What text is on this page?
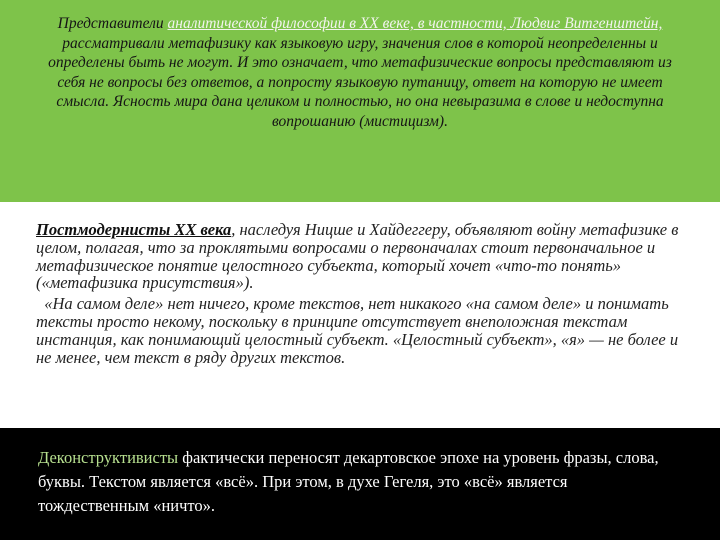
Представители аналитической философии в XX веке, в частности, Людвиг Витгенштейн, рассматривали метафизику как языковую игру, значения слов в которой неопределенны и определены быть не могут. И это означает, что метафизические вопросы представляют из себя не вопросы без ответов, а попросту языковую путаницу, ответ на которую не имеет смысла. Ясность мира дана целиком и полностью, но она невыразима в слове и недоступна вопрошанию (мистицизм).

Постмодернисты XX века, наследуя Ницше и Хайдеггеру, объявляют войну метафизике в целом, полагая, что за проклятыми вопросами о первоначалах стоит первоначальное и метафизическое понятие целостного субъекта, который хочет «что-то понять» («метафизика присутствия»).

«На самом деле» нет ничего, кроме текстов, нет никакого «на самом деле» и понимать тексты просто некому, поскольку в принципе отсутствует внеположная текстам инстанция, как понимающий целостный субъект. «Целостный субъект», «я» — не более и не менее, чем текст в ряду других текстов.

Деконструктивисты фактически переносят декартовское эпохе на уровень фразы, слова, буквы. Текстом является «всё». При этом, в духе Гегеля, это «всё» является тождественным «ничто».
